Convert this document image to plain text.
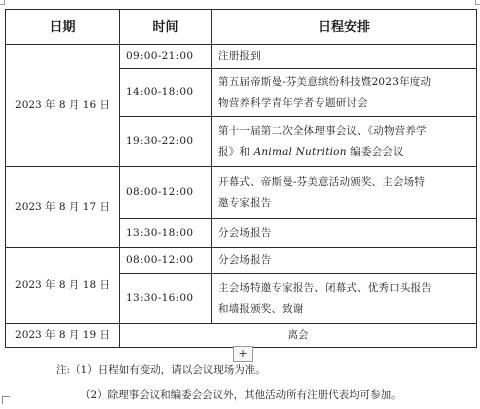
日期	时间	日程安排
2023 年 8 月 16 日	09:00-21:00	注册报到
	14:00-18:00	第五届帝斯曼-芬美意缤纷科技暨2023年度动
物营养科学青年学者专题研讨会
	19:30-22:00	第十一届第二次全体理事会议、《动物营养学
报》和 Animal Nutrition 编委会会议
2023 年 8 月 17 日	08:00-12:00	开幕式、帝斯曼-芬美意活动颁奖、主会场特
邀专家报告
	13:30-18:00	分会场报告
2023 年 8 月 18 日	08:00-12:00	分会场报告
	13:30-16:00	主会场特邀专家报告、闭幕式、优秀口头报告
和墙报颁奖、致谢
2023 年 8 月 19 日	离会	
+
注:（1）日程如有变动，请以会议现场为准。
（2）除理事会议和编委会会议外，其他活动所有注册代表均可参加。
